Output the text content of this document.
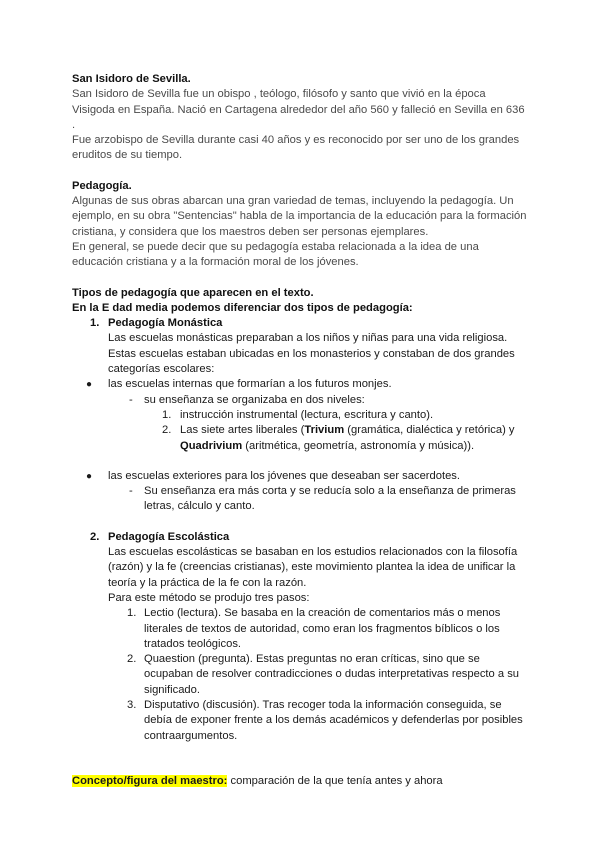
San Isidoro de Sevilla.

San Isidoro de Sevilla fue un obispo , teólogo, filósofo y santo que vivió en la época

Visigoda en España. Nació en Cartagena alrededor del año 560 y falleció en Sevilla en 636 .

Fue arzobispo de Sevilla durante casi 40 años y es reconocido por ser uno de los grandes

eruditos de su tiempo.

Pedagogía.

Algunas de sus obras abarcan una gran variedad de temas, incluyendo la pedagogía. Un

ejemplo, en su obra "Sentencias" habla de la importancia de la educación para la formación

cristiana, y considera que los maestros deben ser personas ejemplares.

En general, se puede decir que su pedagogía estaba relacionada a la idea de una

educación cristiana y a la formación moral de los jóvenes.

Tipos de pedagogía que aparecen en el texto.

En la E dad media podemos diferenciar dos tipos de pedagogía:

1. Pedagogía Monástica

Las escuelas monásticas preparaban a los niños y niñas para una vida religiosa.

Estas escuelas estaban ubicadas en los monasterios y constaban de dos grandes

categorías escolares:

● las escuelas internas que formarían a los futuros monjes.
- su enseñanza se organizaba en dos niveles:
1. instrucción instrumental (lectura, escritura y canto).
2. Las siete artes liberales (Trivium (gramática, dialéctica y retórica) y
Quadrivium (aritmética, geometría, astronomía y música)).
● las escuelas exteriores para los jóvenes que deseaban ser sacerdotes.
- Su enseñanza era más corta y se reducía solo a la enseñanza de primeras
letras, cálculo y canto.
2. Pedagogía Escolástica

Las escuelas escolásticas se basaban en los estudios relacionados con la filosofía

(razón) y la fe (creencias cristianas), este movimiento plantea la idea de unificar la

teoría y la práctica de la fe con la razón.

Para este método se produjo tres pasos:

1. Lectio (lectura). Se basaba en la creación de comentarios más o menos
literales de textos de autoridad, como eran los fragmentos bíblicos o los
tratados teológicos.
2. Quaestion (pregunta). Estas preguntas no eran críticas, sino que se
ocupaban de resolver contradicciones o dudas interpretativas respecto a su
significado.
3. Disputativo (discusión). Tras recoger toda la información conseguida, se
debía de exponer frente a los demás académicos y defenderlas por posibles
contraargumentos.

Concepto/figura del maestro: comparación de la que tenía antes y ahora
